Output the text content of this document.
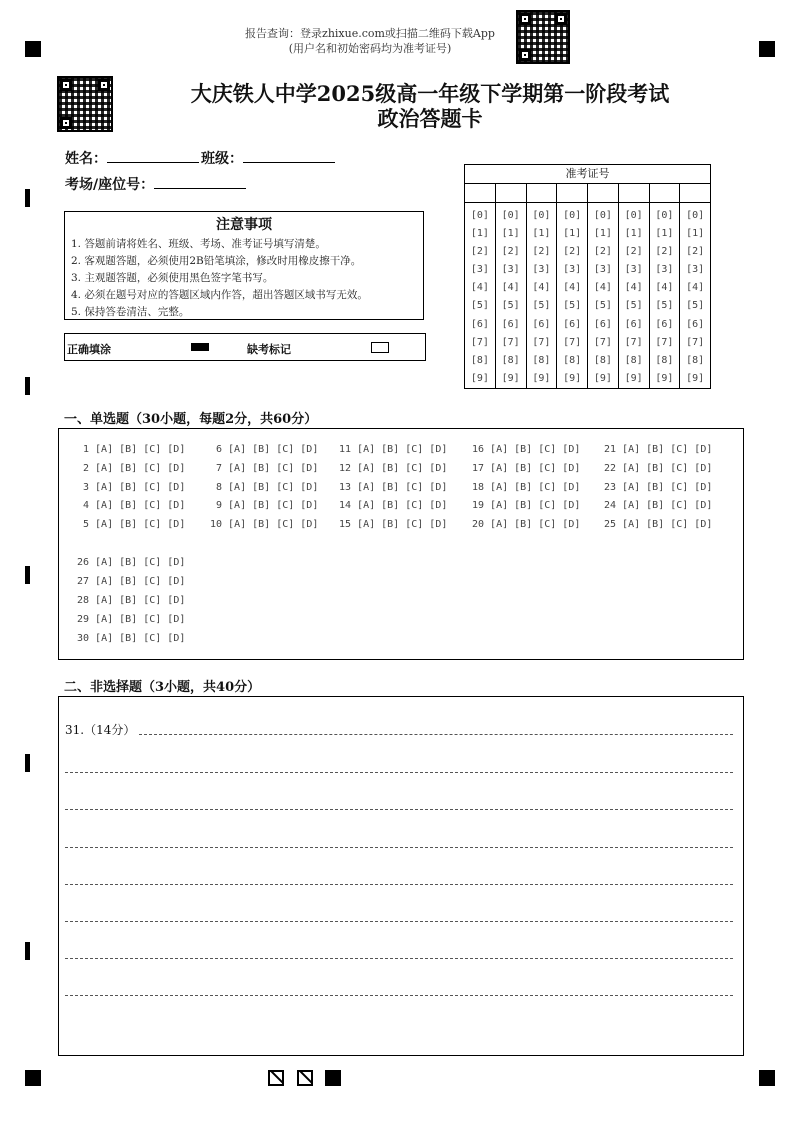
报告查询：登录zhixue.com或扫描二维码下载App
(用户名和初始密码均为准考证号)
大庆铁人中学2025级高一年级下学期第一阶段考试
政治答题卡
姓名：	班级：
考场/座位号：
注意事项
1. 答题前请将姓名、班级、考场、准考证号填写清楚。
2. 客观题答题，必须使用2B铅笔填涂，修改时用橡皮擦干净。
3. 主观题答题，必须使用黑色签字笔书写。
4. 必须在题号对应的答题区域内作答，超出答题区域书写无效。
5. 保持答卷清洁、完整。
正确填涂	缺考标记
准考证号
[0]
[1]
[2]
[3]
[4]
[5]
[6]
[7]
[8]
[9]
[0]
[1]
[2]
[3]
[4]
[5]
[6]
[7]
[8]
[9]
[0]
[1]
[2]
[3]
[4]
[5]
[6]
[7]
[8]
[9]
[0]
[1]
[2]
[3]
[4]
[5]
[6]
[7]
[8]
[9]
[0]
[1]
[2]
[3]
[4]
[5]
[6]
[7]
[8]
[9]
[0]
[1]
[2]
[3]
[4]
[5]
[6]
[7]
[8]
[9]
[0]
[1]
[2]
[3]
[4]
[5]
[6]
[7]
[8]
[9]
[0]
[1]
[2]
[3]
[4]
[5]
[6]
[7]
[8]
[9]
一、单选题（30小题，每题2分，共60分）
1 [A] [B] [C] [D]
2 [A] [B] [C] [D]
3 [A] [B] [C] [D]
4 [A] [B] [C] [D]
5 [A] [B] [C] [D]
6 [A] [B] [C] [D]
7 [A] [B] [C] [D]
8 [A] [B] [C] [D]
9 [A] [B] [C] [D]
10 [A] [B] [C] [D]
11 [A] [B] [C] [D]
12 [A] [B] [C] [D]
13 [A] [B] [C] [D]
14 [A] [B] [C] [D]
15 [A] [B] [C] [D]
16 [A] [B] [C] [D]
17 [A] [B] [C] [D]
18 [A] [B] [C] [D]
19 [A] [B] [C] [D]
20 [A] [B] [C] [D]
21 [A] [B] [C] [D]
22 [A] [B] [C] [D]
23 [A] [B] [C] [D]
24 [A] [B] [C] [D]
25 [A] [B] [C] [D]
26 [A] [B] [C] [D]
27 [A] [B] [C] [D]
28 [A] [B] [C] [D]
29 [A] [B] [C] [D]
30 [A] [B] [C] [D]
二、非选择题（3小题，共40分）
31.（14分）
